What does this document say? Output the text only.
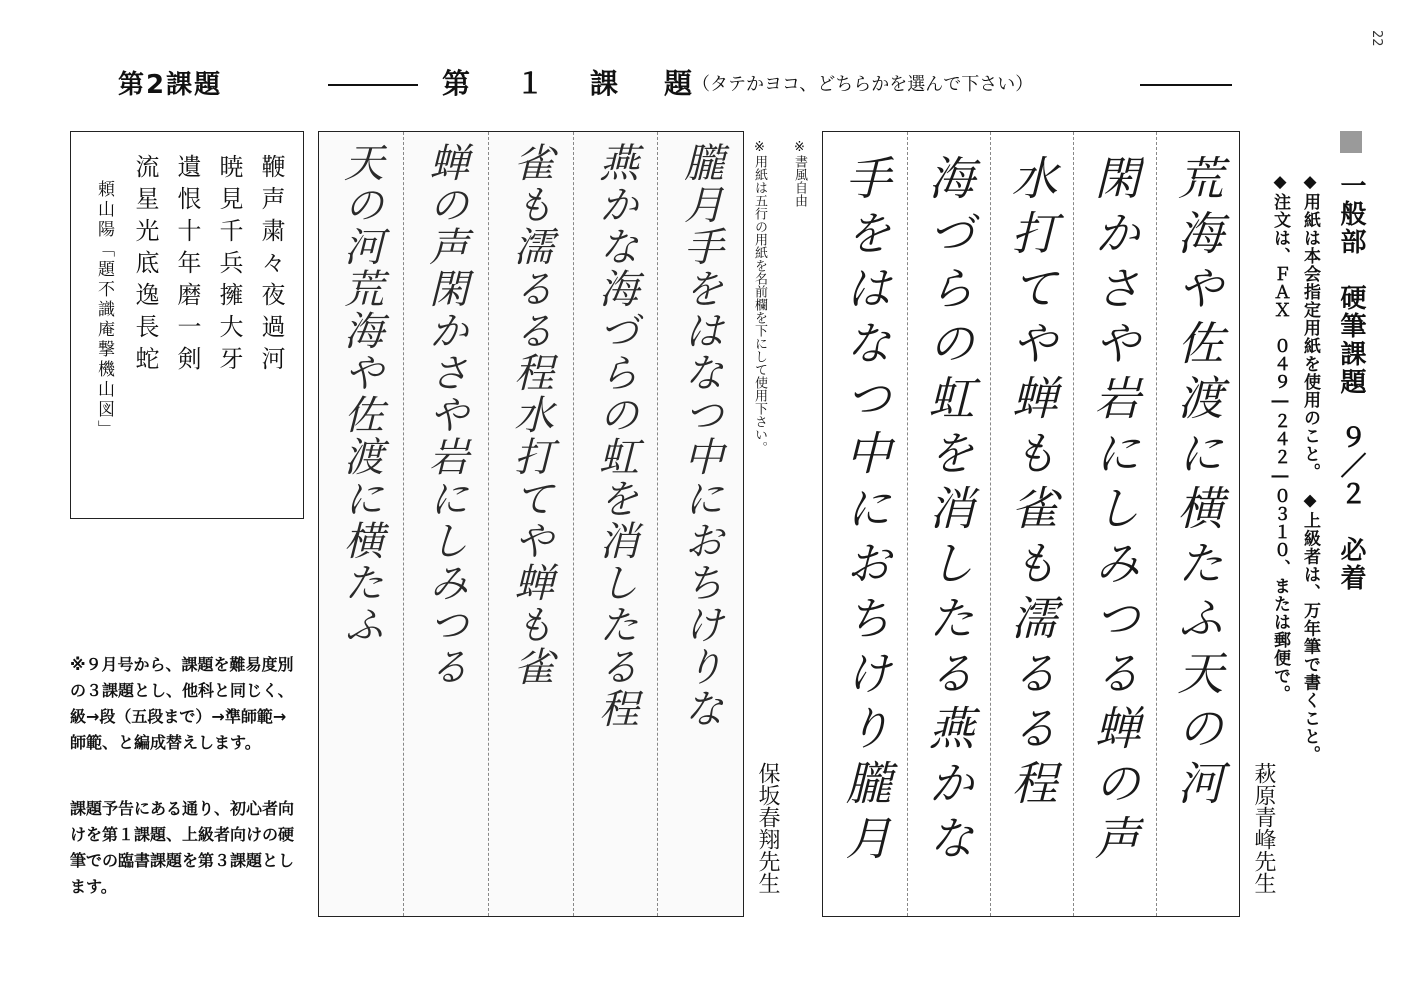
22
第2課題	第１課題
（タテかヨコ、どちらかを選んで下さい）
一般部　硬筆課題　９／２　必着
◆用紙は本会指定用紙を使用のこと。　◆上級者は、万年筆で書くこと。
◆注文は、ＦＡＸ　０４９―２４２―０３１０、または郵便で。
荒海や佐渡に横たふ天の河
閑かさや岩にしみつる蝉の声
水打てや蝉も雀も濡るる程
海づらの虹を消したる燕かな
手をはなつ中におちけり朧月	萩原青峰先生
※書風自由
朧月手をはなつ中におちけりな
燕かな海づらの虹を消したる程
雀も濡るる程水打てや蝉も雀
蝉の声閑かさや岩にしみつる
天の河荒海や佐渡に横たふ
保坂春翔先生
※用紙は五行の用紙を名前欄を下にして使用下さい。
鞭声粛々夜過河
暁見千兵擁大牙
遺恨十年磨一剣
流星光底逸長蛇
頼山陽「題不識庵撃機山図」
※９月号から、課題を難易度別の３課題とし、他科と同じく、級→段（五段まで）→準師範→師範、と編成替えします。
課題予告にある通り、初心者向けを第１課題、上級者向けの硬筆での臨書課題を第３課題とします。
